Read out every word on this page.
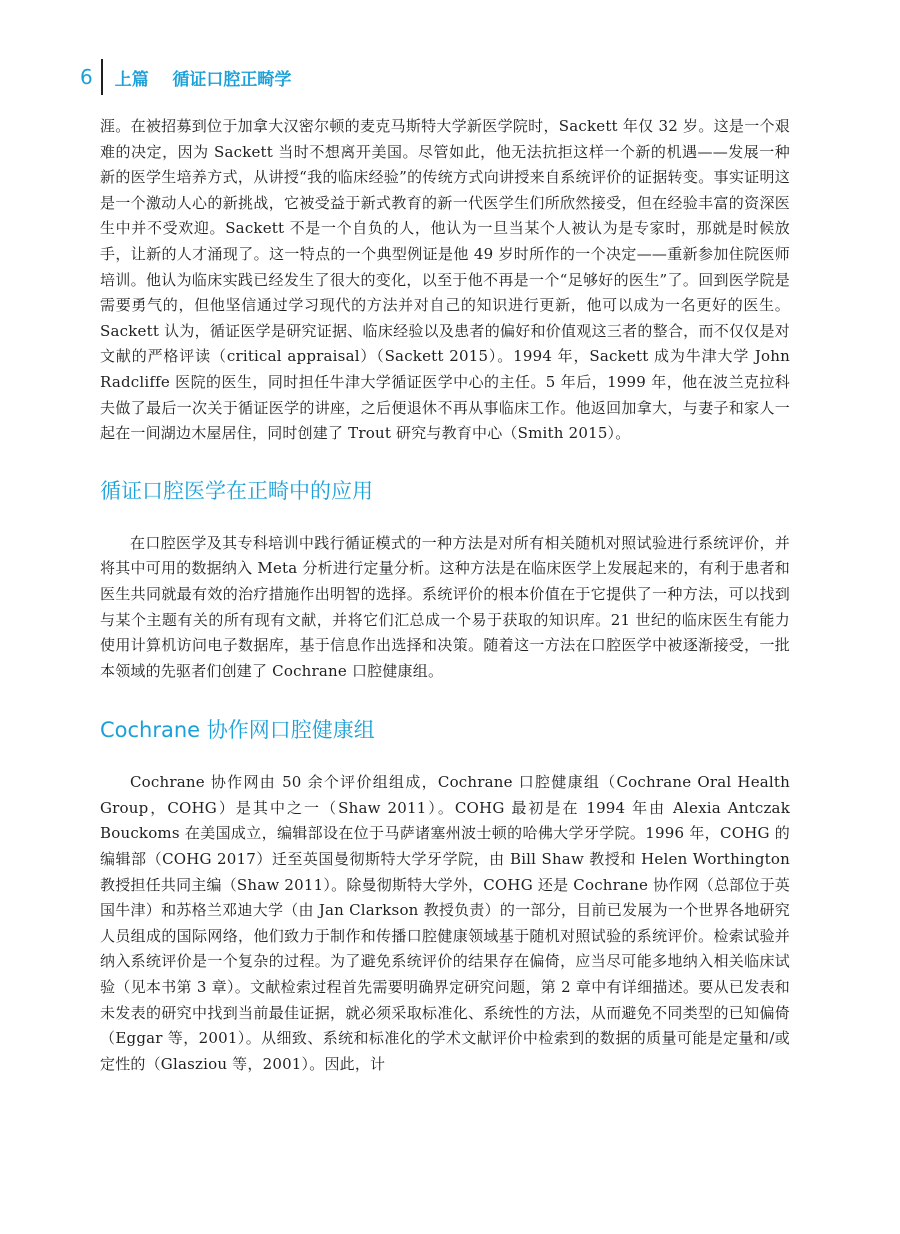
6 上篇    循证口腔正畸学

涯。在被招募到位于加拿大汉密尔顿的麦克马斯特大学新医学院时，Sackett 年仅 32 岁。这是一个艰难的决定，因为 Sackett 当时不想离开美国。尽管如此，他无法抗拒这样一个新的机遇——发展一种新的医学生培养方式，从讲授“我的临床经验”的传统方式向讲授来自系统评价的证据转变。事实证明这是一个激动人心的新挑战，它被受益于新式教育的新一代医学生们所欣然接受，但在经验丰富的资深医生中并不受欢迎。Sackett 不是一个自负的人，他认为一旦当某个人被认为是专家时，那就是时候放手，让新的人才涌现了。这一特点的一个典型例证是他 49 岁时所作的一个决定——重新参加住院医师培训。他认为临床实践已经发生了很大的变化，以至于他不再是一个“足够好的医生”了。回到医学院是需要勇气的，但他坚信通过学习现代的方法并对自己的知识进行更新，他可以成为一名更好的医生。Sackett 认为，循证医学是研究证据、临床经验以及患者的偏好和价值观这三者的整合，而不仅仅是对文献的严格评读（critical appraisal）（Sackett 2015）。1994 年，Sackett 成为牛津大学 John Radcliffe 医院的医生，同时担任牛津大学循证医学中心的主任。5 年后，1999 年，他在波兰克拉科夫做了最后一次关于循证医学的讲座，之后便退休不再从事临床工作。他返回加拿大，与妻子和家人一起在一间湖边木屋居住，同时创建了 Trout 研究与教育中心（Smith 2015）。

循证口腔医学在正畸中的应用

在口腔医学及其专科培训中践行循证模式的一种方法是对所有相关随机对照试验进行系统评价，并将其中可用的数据纳入 Meta 分析进行定量分析。这种方法是在临床医学上发展起来的，有利于患者和医生共同就最有效的治疗措施作出明智的选择。系统评价的根本价值在于它提供了一种方法，可以找到与某个主题有关的所有现有文献，并将它们汇总成一个易于获取的知识库。21 世纪的临床医生有能力使用计算机访问电子数据库，基于信息作出选择和决策。随着这一方法在口腔医学中被逐渐接受，一批本领域的先驱者们创建了 Cochrane 口腔健康组。

Cochrane 协作网口腔健康组

Cochrane 协作网由 50 余个评价组组成，Cochrane 口腔健康组（Cochrane Oral Health Group，COHG）是其中之一（Shaw 2011）。COHG 最初是在 1994 年由 Alexia Antczak Bouckoms 在美国成立，编辑部设在位于马萨诸塞州波士顿的哈佛大学牙学院。1996 年，COHG 的编辑部（COHG 2017）迁至英国曼彻斯特大学牙学院，由 Bill Shaw 教授和 Helen Worthington 教授担任共同主编（Shaw 2011）。除曼彻斯特大学外，COHG 还是 Cochrane 协作网（总部位于英国牛津）和苏格兰邓迪大学（由 Jan Clarkson 教授负责）的一部分，目前已发展为一个世界各地研究人员组成的国际网络，他们致力于制作和传播口腔健康领域基于随机对照试验的系统评价。检索试验并纳入系统评价是一个复杂的过程。为了避免系统评价的结果存在偏倚，应当尽可能多地纳入相关临床试验（见本书第 3 章）。文献检索过程首先需要明确界定研究问题，第 2 章中有详细描述。要从已发表和未发表的研究中找到当前最佳证据，就必须采取标准化、系统性的方法，从而避免不同类型的已知偏倚（Eggar 等，2001）。从细致、系统和标准化的学术文献评价中检索到的数据的质量可能是定量和/或定性的（Glasziou 等，2001）。因此，计
